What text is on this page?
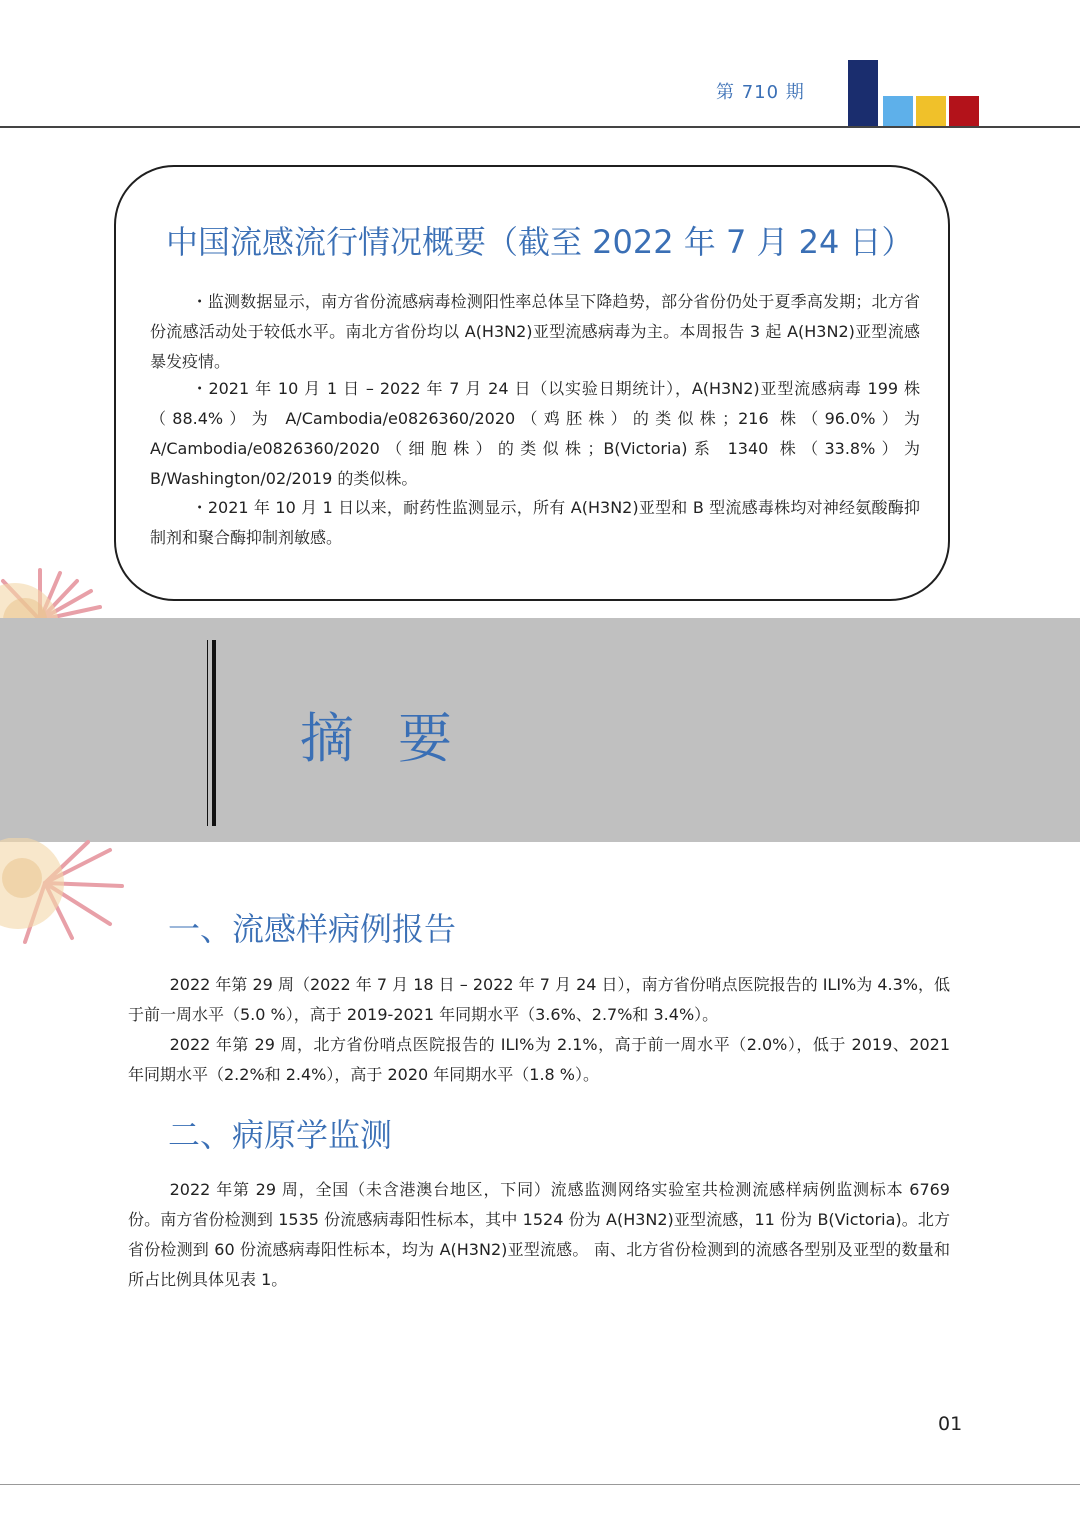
第 710 期
中国流感流行情况概要（截至 2022 年 7 月 24 日）

・监测数据显示，南方省份流感病毒检测阳性率总体呈下降趋势，部分省份仍处于夏季高发期；北方省份流感活动处于较低水平。南北方省份均以 A(H3N2)亚型流感病毒为主。本周报告 3 起 A(H3N2)亚型流感暴发疫情。

・2021 年 10 月 1 日 – 2022 年 7 月 24 日（以实验日期统计），A(H3N2)亚型流感病毒 199 株（88.4%）为 A/Cambodia/e0826360/2020（鸡胚株）的类似株；216 株（96.0%）为 A/Cambodia/e0826360/2020（细胞株）的类似株；B(Victoria)系 1340 株（33.8%）为 B/Washington/02/2019 的类似株。

・2021 年 10 月 1 日以来，耐药性监测显示，所有 A(H3N2)亚型和 B 型流感毒株均对神经氨酸酶抑制剂和聚合酶抑制剂敏感。

摘要
一、流感样病例报告

2022 年第 29 周（2022 年 7 月 18 日 – 2022 年 7 月 24 日），南方省份哨点医院报告的 ILI%为 4.3%，低于前一周水平（5.0 %），高于 2019-2021 年同期水平（3.6%、2.7%和 3.4%）。

2022 年第 29 周，北方省份哨点医院报告的 ILI%为 2.1%，高于前一周水平（2.0%），低于 2019、2021 年同期水平（2.2%和 2.4%），高于 2020 年同期水平（1.8 %）。

二、病原学监测

2022 年第 29 周，全国（未含港澳台地区，下同）流感监测网络实验室共检测流感样病例监测标本 6769 份。南方省份检测到 1535 份流感病毒阳性标本，其中 1524 份为 A(H3N2)亚型流感，11 份为 B(Victoria)。北方省份检测到 60 份流感病毒阳性标本，均为 A(H3N2)亚型流感。 南、北方省份检测到的流感各型别及亚型的数量和所占比例具体见表 1。

01
